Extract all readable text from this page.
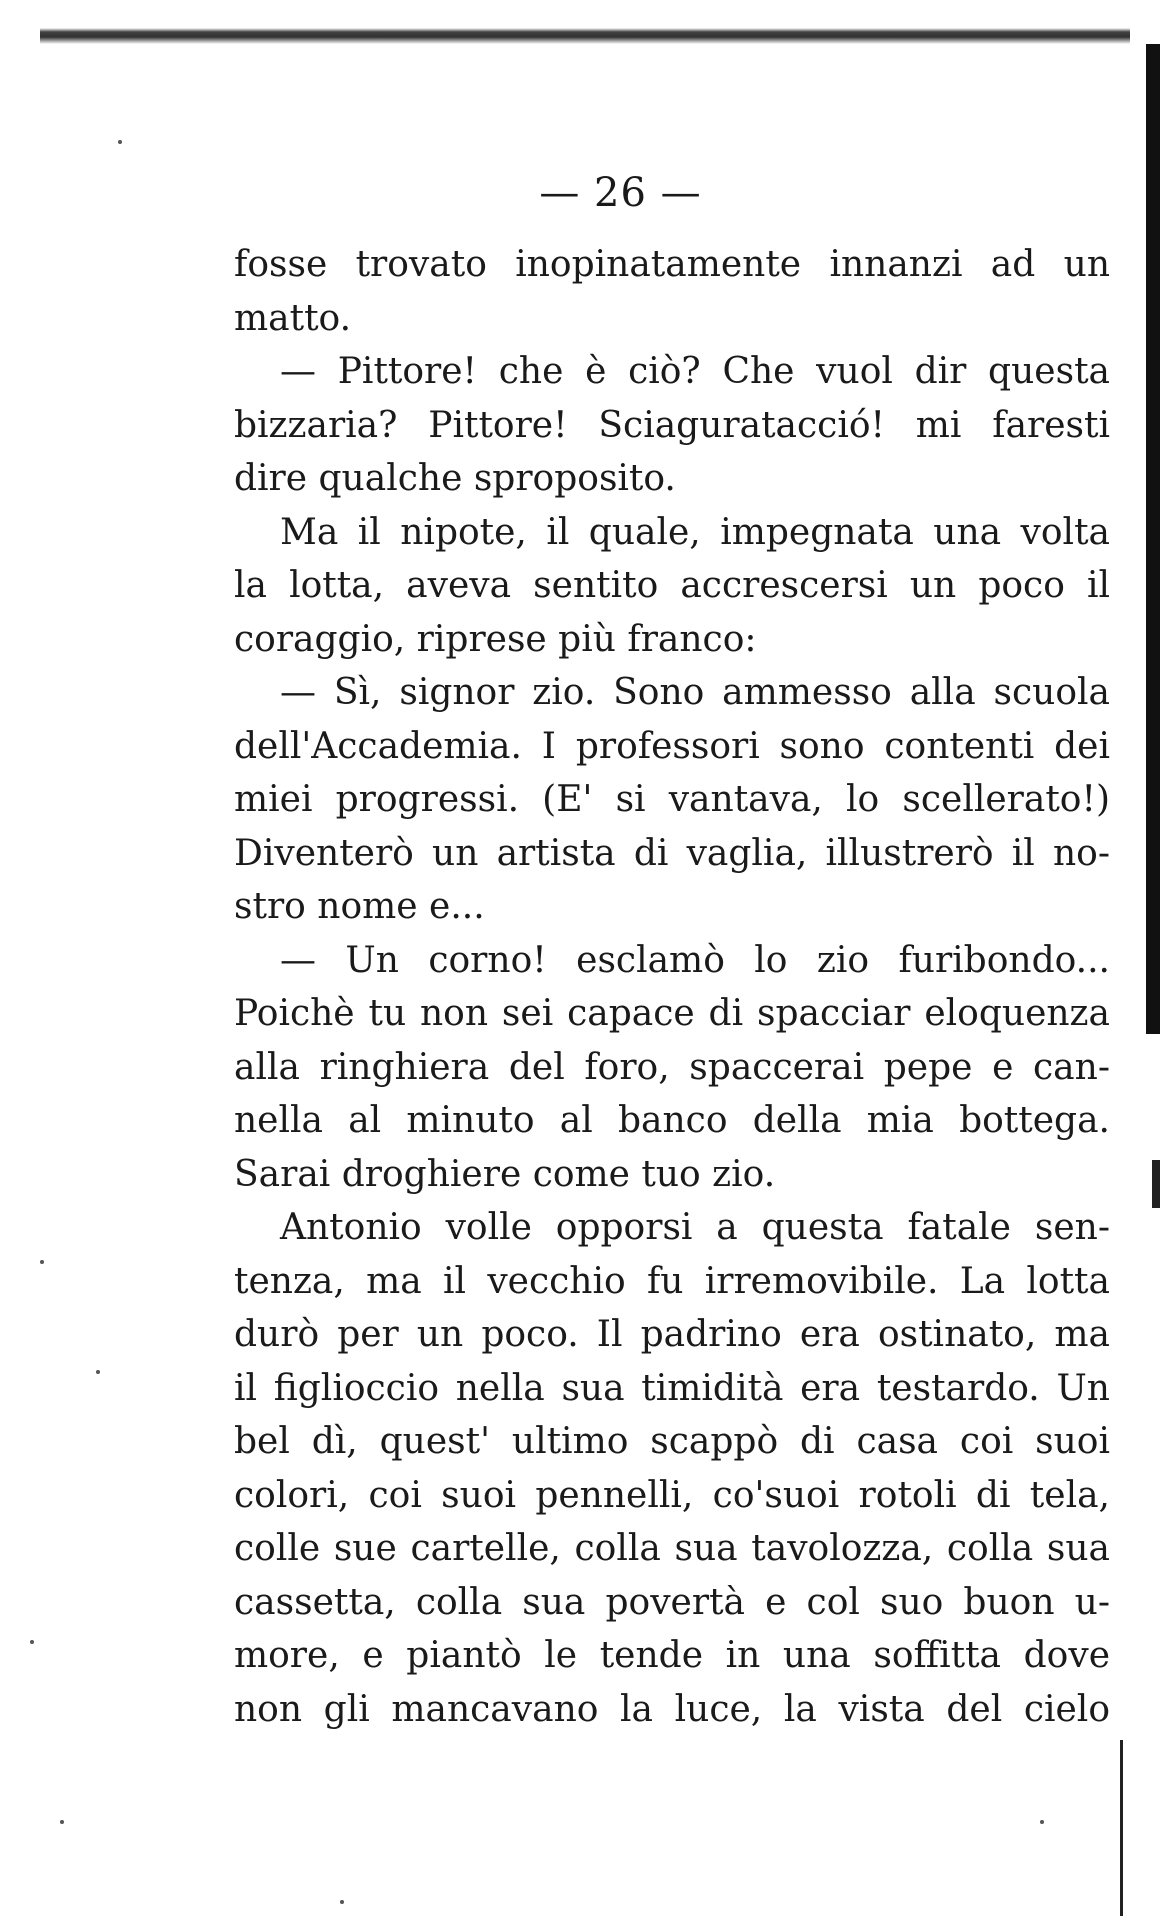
— 26 —
fosse trovato inopinatamente innanzi ad un
matto.
— Pittore! che è ciò? Che vuol dir questa
bizzaria? Pittore! Sciaguratacció! mi faresti
dire qualche sproposito.
Ma il nipote, il quale, impegnata una volta
la lotta, aveva sentito accrescersi un poco il
coraggio, riprese più franco:
— Sì, signor zio. Sono ammesso alla scuola
dell'Accademia. I professori sono contenti dei
miei progressi. (E' si vantava, lo scellerato!)
Diventerò un artista di vaglia, illustrerò il no-
stro nome e...
— Un corno! esclamò lo zio furibondo...
Poichè tu non sei capace di spacciar eloquenza
alla ringhiera del foro, spaccerai pepe e can-
nella al minuto al banco della mia bottega.
Sarai droghiere come tuo zio.
Antonio volle opporsi a questa fatale sen-
tenza, ma il vecchio fu irremovibile. La lotta
durò per un poco. Il padrino era ostinato, ma
il figlioccio nella sua timidità era testardo. Un
bel dì, quest' ultimo scappò di casa coi suoi
colori, coi suoi pennelli, co'suoi rotoli di tela,
colle sue cartelle, colla sua tavolozza, colla sua
cassetta, colla sua povertà e col suo buon u-
more, e piantò le tende in una soffitta dove
non gli mancavano la luce, la vista del cielo
